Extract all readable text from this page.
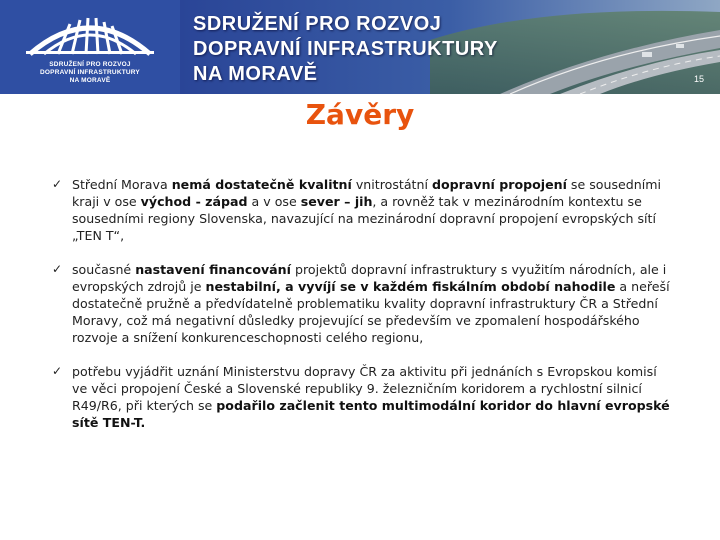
SDRUŽENÍ PRO ROZVOJ
DOPRAVNÍ INFRASTRUKTURY
NA MORAVĚ
SDRUŽENÍ PRO ROZVOJ
DOPRAVNÍ INFRASTRUKTURY
NA MORAVĚ	15
Závěry
✓ Střední Morava nemá dostatečně kvalitní vnitrostátní dopravní propojení se sousedními kraji v ose východ - západ a v ose sever – jih, a rovněž tak v mezinárodním kontextu se sousedními regiony Slovenska, navazující na mezinárodní dopravní propojení evropských sítí „TEN T“,
✓ současné nastavení financování projektů dopravní infrastruktury s využitím národních, ale i evropských zdrojů je nestabilní, a vyvíjí se v každém fiskálním období nahodile a neřeší dostatečně pružně a předvídatelně problematiku kvality dopravní infrastruktury ČR a Střední Moravy, což má negativní důsledky projevující se především ve zpomalení hospodářského rozvoje a snížení konkurenceschopnosti celého regionu,
✓ potřebu vyjádřit uznání Ministerstvu dopravy ČR za aktivitu při jednáních s Evropskou komisí ve věci propojení České a Slovenské republiky 9. železničním koridorem a rychlostní silnicí R49/R6, při kterých se podařilo začlenit tento multimodální koridor do hlavní evropské sítě TEN-T.
